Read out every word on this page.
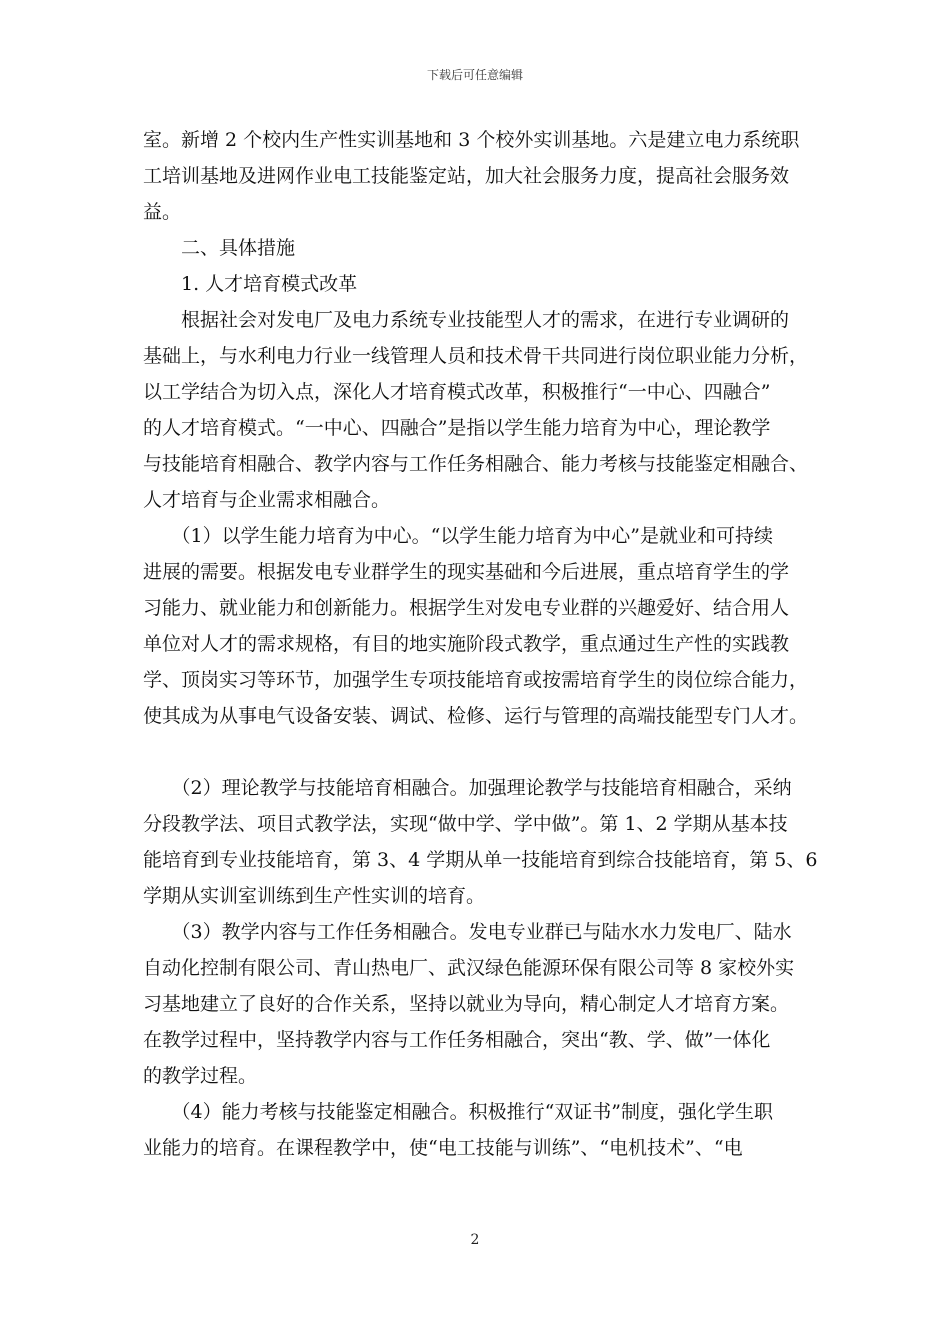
下载后可任意编辑
室。新增 2 个校内生产性实训基地和 3 个校外实训基地。六是建立电力系统职
工培训基地及进网作业电工技能鉴定站，加大社会服务力度，提高社会服务效
益。
　　二、具体措施
　　1. 人才培育模式改革
　　根据社会对发电厂及电力系统专业技能型人才的需求，在进行专业调研的
基础上，与水利电力行业一线管理人员和技术骨干共同进行岗位职业能力分析，
以工学结合为切入点，深化人才培育模式改革，积极推行“一中心、四融合”
的人才培育模式。“一中心、四融合”是指以学生能力培育为中心，理论教学
与技能培育相融合、教学内容与工作任务相融合、能力考核与技能鉴定相融合、
人才培育与企业需求相融合。
　　（1）以学生能力培育为中心。“以学生能力培育为中心”是就业和可持续
进展的需要。根据发电专业群学生的现实基础和今后进展，重点培育学生的学
习能力、就业能力和创新能力。根据学生对发电专业群的兴趣爱好、结合用人
单位对人才的需求规格，有目的地实施阶段式教学，重点通过生产性的实践教
学、顶岗实习等环节，加强学生专项技能培育或按需培育学生的岗位综合能力，
使其成为从事电气设备安装、调试、检修、运行与管理的高端技能型专门人才。
　　（2）理论教学与技能培育相融合。加强理论教学与技能培育相融合，采纳
分段教学法、项目式教学法，实现“做中学、学中做”。第 1、2 学期从基本技
能培育到专业技能培育，第 3、4 学期从单一技能培育到综合技能培育，第 5、6
学期从实训室训练到生产性实训的培育。
　　（3）教学内容与工作任务相融合。发电专业群已与陆水水力发电厂、陆水
自动化控制有限公司、青山热电厂、武汉绿色能源环保有限公司等 8 家校外实
习基地建立了良好的合作关系，坚持以就业为导向，精心制定人才培育方案。
在教学过程中，坚持教学内容与工作任务相融合，突出“教、学、做”一体化
的教学过程。
　　（4）能力考核与技能鉴定相融合。积极推行“双证书”制度，强化学生职
业能力的培育。在课程教学中，使“电工技能与训练”、“电机技术”、“电
2
